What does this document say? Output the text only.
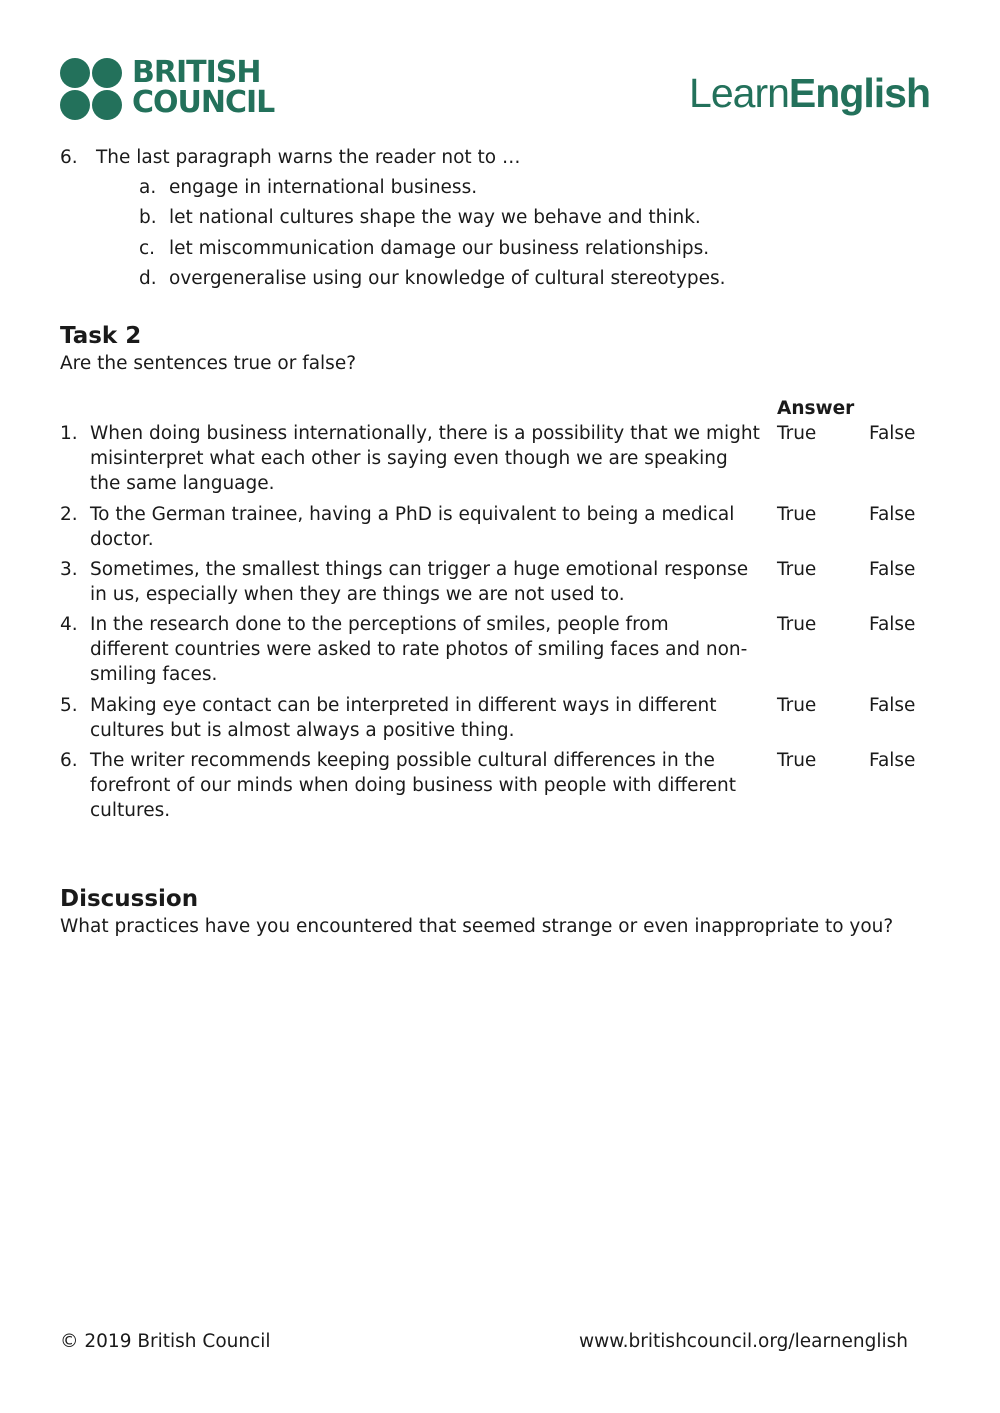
BRITISH
COUNCIL	LearnEnglish
6. The last paragraph warns the reader not to …
a. engage in international business.
b. let national cultures shape the way we behave and think.
c. let miscommunication damage our business relationships.
d. overgeneralise using our knowledge of cultural stereotypes.
Task 2
Are the sentences true or false?
Answer
1. When doing business internationally, there is a possibility that we might
misinterpret what each other is saying even though we are speaking
the same language.
True	False
2. To the German trainee, having a PhD is equivalent to being a medical
doctor.
True	False
3. Sometimes, the smallest things can trigger a huge emotional response
in us, especially when they are things we are not used to.
True	False
4. In the research done to the perceptions of smiles, people from
different countries were asked to rate photos of smiling faces and non-
smiling faces.
True	False
5. Making eye contact can be interpreted in different ways in different
cultures but is almost always a positive thing.
True	False
6. The writer recommends keeping possible cultural differences in the
forefront of our minds when doing business with people with different
cultures.
True	False
Discussion
What practices have you encountered that seemed strange or even inappropriate to you?
© 2019 British Council	www.britishcouncil.org/learnenglish
